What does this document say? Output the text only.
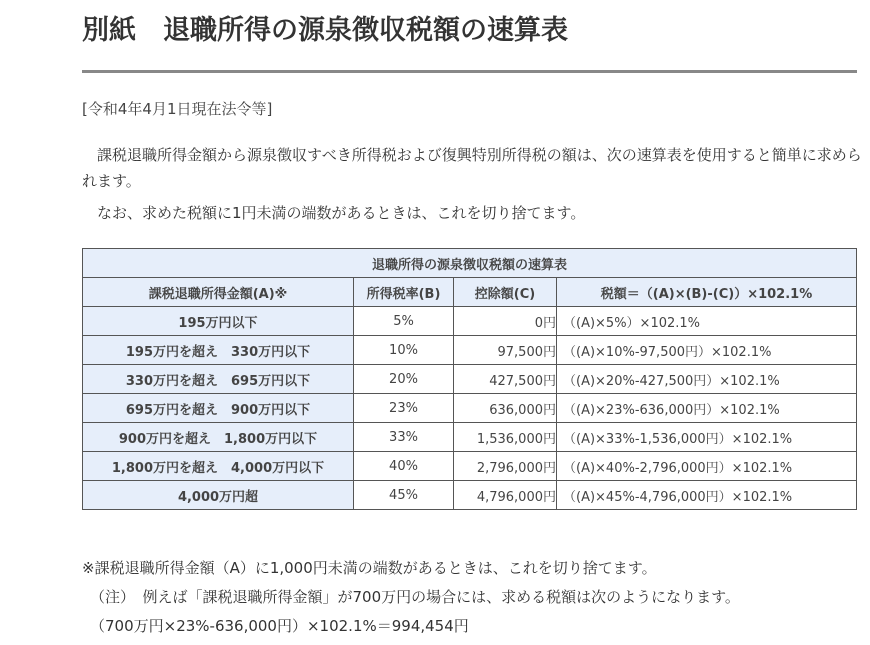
別紙　退職所得の源泉徴収税額の速算表
[令和4年4月1日現在法令等]
課税退職所得金額から源泉徴収すべき所得税および復興特別所得税の額は、次の速算表を使用すると簡単に求められます。
なお、求めた税額に1円未満の端数があるときは、これを切り捨てます。
退職所得の源泉徴収税額の速算表			
課税退職所得金額(A)※	所得税率(B)	控除額(C)	税額＝（(A)×(B)-(C)）×102.1%
195万円以下	5%	0円	（(A)×5%）×102.1%
195万円を超え　330万円以下	10%	97,500円	（(A)×10%-97,500円）×102.1%
330万円を超え　695万円以下	20%	427,500円	（(A)×20%-427,500円）×102.1%
695万円を超え　900万円以下	23%	636,000円	（(A)×23%-636,000円）×102.1%
900万円を超え　1,800万円以下	33%	1,536,000円	（(A)×33%-1,536,000円）×102.1%
1,800万円を超え　4,000万円以下	40%	2,796,000円	（(A)×40%-2,796,000円）×102.1%
4,000万円超	45%	4,796,000円	（(A)×45%-4,796,000円）×102.1%
※課税退職所得金額（A）に1,000円未満の端数があるときは、これを切り捨てます。
（注）　例えば「課税退職所得金額」が700万円の場合には、求める税額は次のようになります。
（700万円×23%-636,000円）×102.1%＝994,454円
